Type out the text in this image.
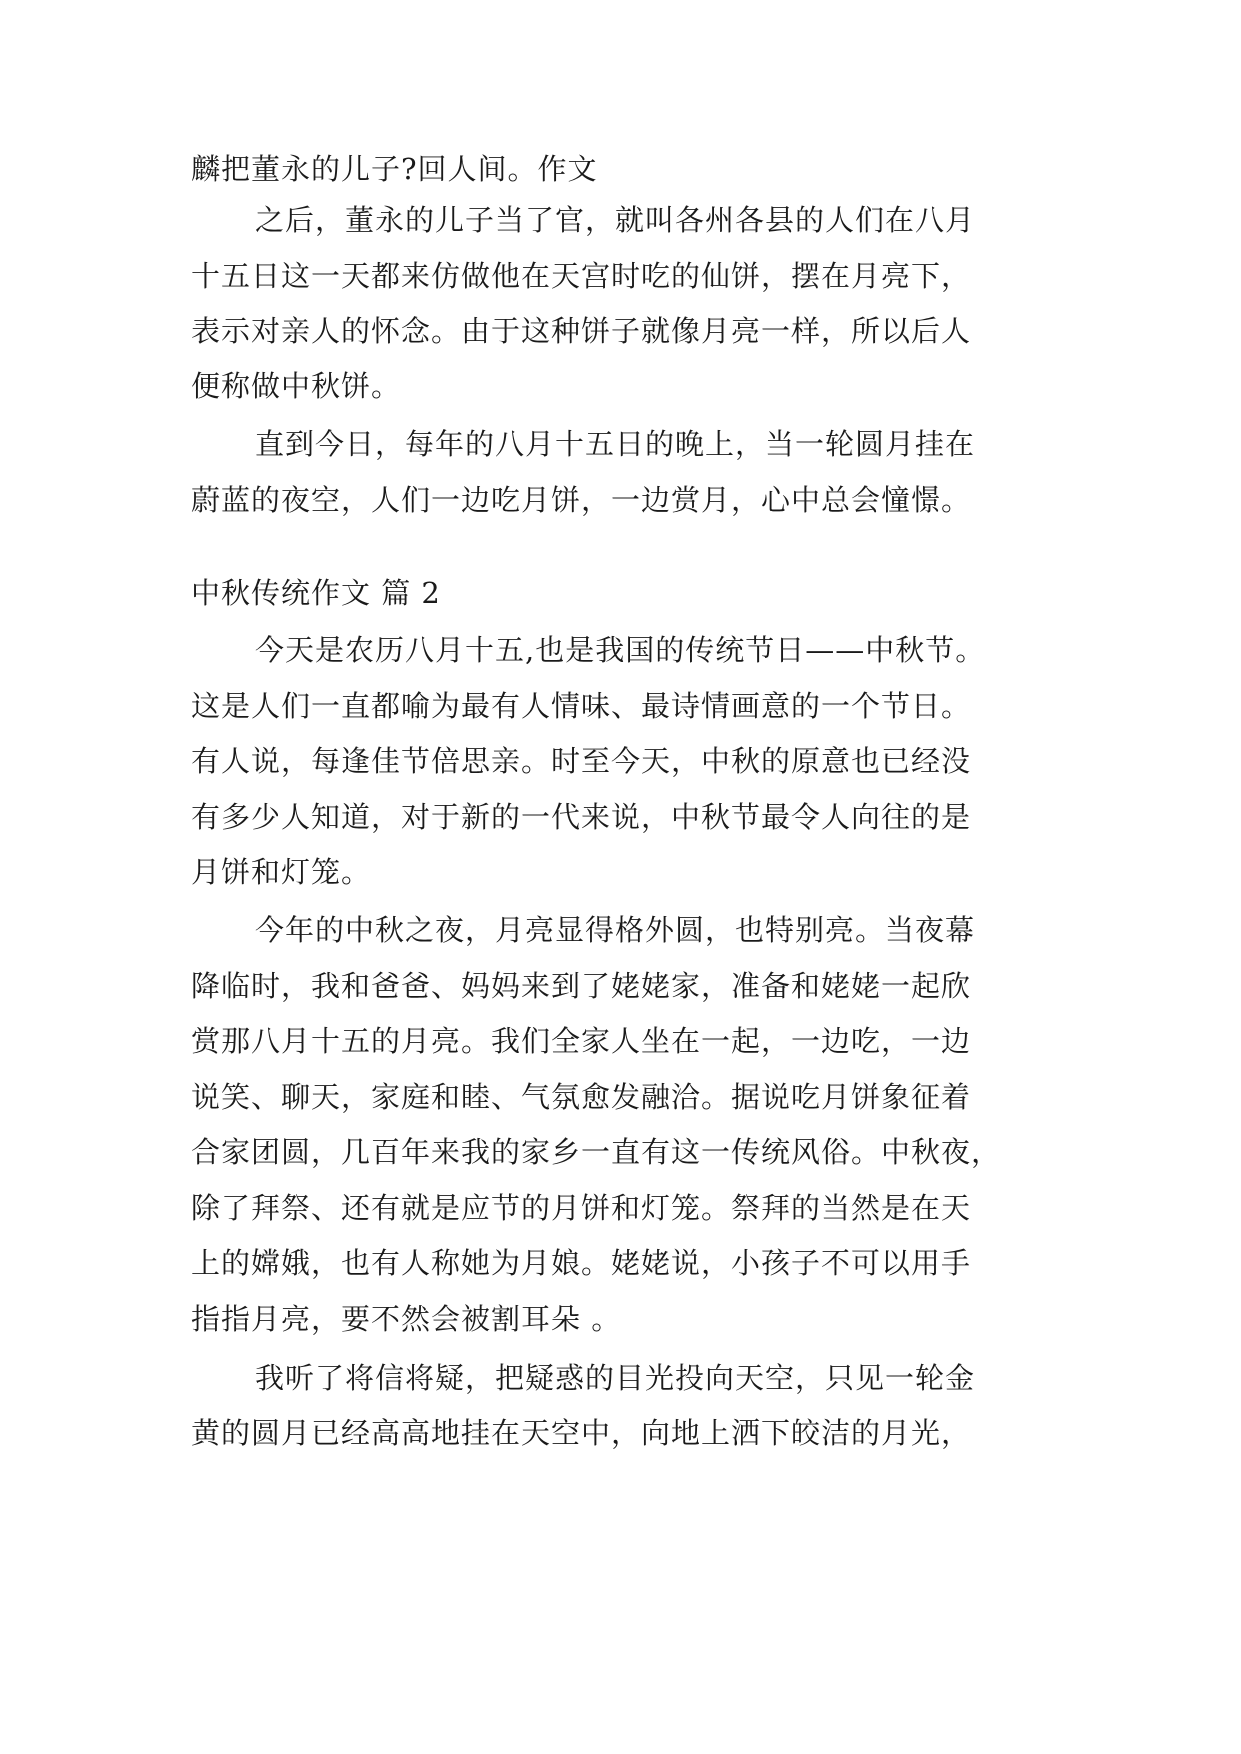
麟把董永的儿子?回人间。作文
之后，董永的儿子当了官，就叫各州各县的人们在八月
十五日这一天都来仿做他在天宫时吃的仙饼，摆在月亮下，
表示对亲人的怀念。由于这种饼子就像月亮一样，所以后人
便称做中秋饼。
直到今日，每年的八月十五日的晚上，当一轮圆月挂在
蔚蓝的夜空，人们一边吃月饼，一边赏月，心中总会憧憬。
中秋传统作文 篇 2
今天是农历八月十五,也是我国的传统节日——中秋节。
这是人们一直都喻为最有人情味、最诗情画意的一个节日。
有人说，每逢佳节倍思亲。时至今天，中秋的原意也已经没
有多少人知道，对于新的一代来说，中秋节最令人向往的是
月饼和灯笼。
今年的中秋之夜，月亮显得格外圆，也特别亮。当夜幕
降临时，我和爸爸、妈妈来到了姥姥家，准备和姥姥一起欣
赏那八月十五的月亮。我们全家人坐在一起，一边吃，一边
说笑、聊天，家庭和睦、气氛愈发融洽。据说吃月饼象征着
合家团圆，几百年来我的家乡一直有这一传统风俗。中秋夜，
除了拜祭、还有就是应节的月饼和灯笼。祭拜的当然是在天
上的嫦娥，也有人称她为月娘。姥姥说，小孩子不可以用手
指指月亮，要不然会被割耳朵 。
我听了将信将疑，把疑惑的目光投向天空，只见一轮金
黄的圆月已经高高地挂在天空中，向地上洒下皎洁的月光，
